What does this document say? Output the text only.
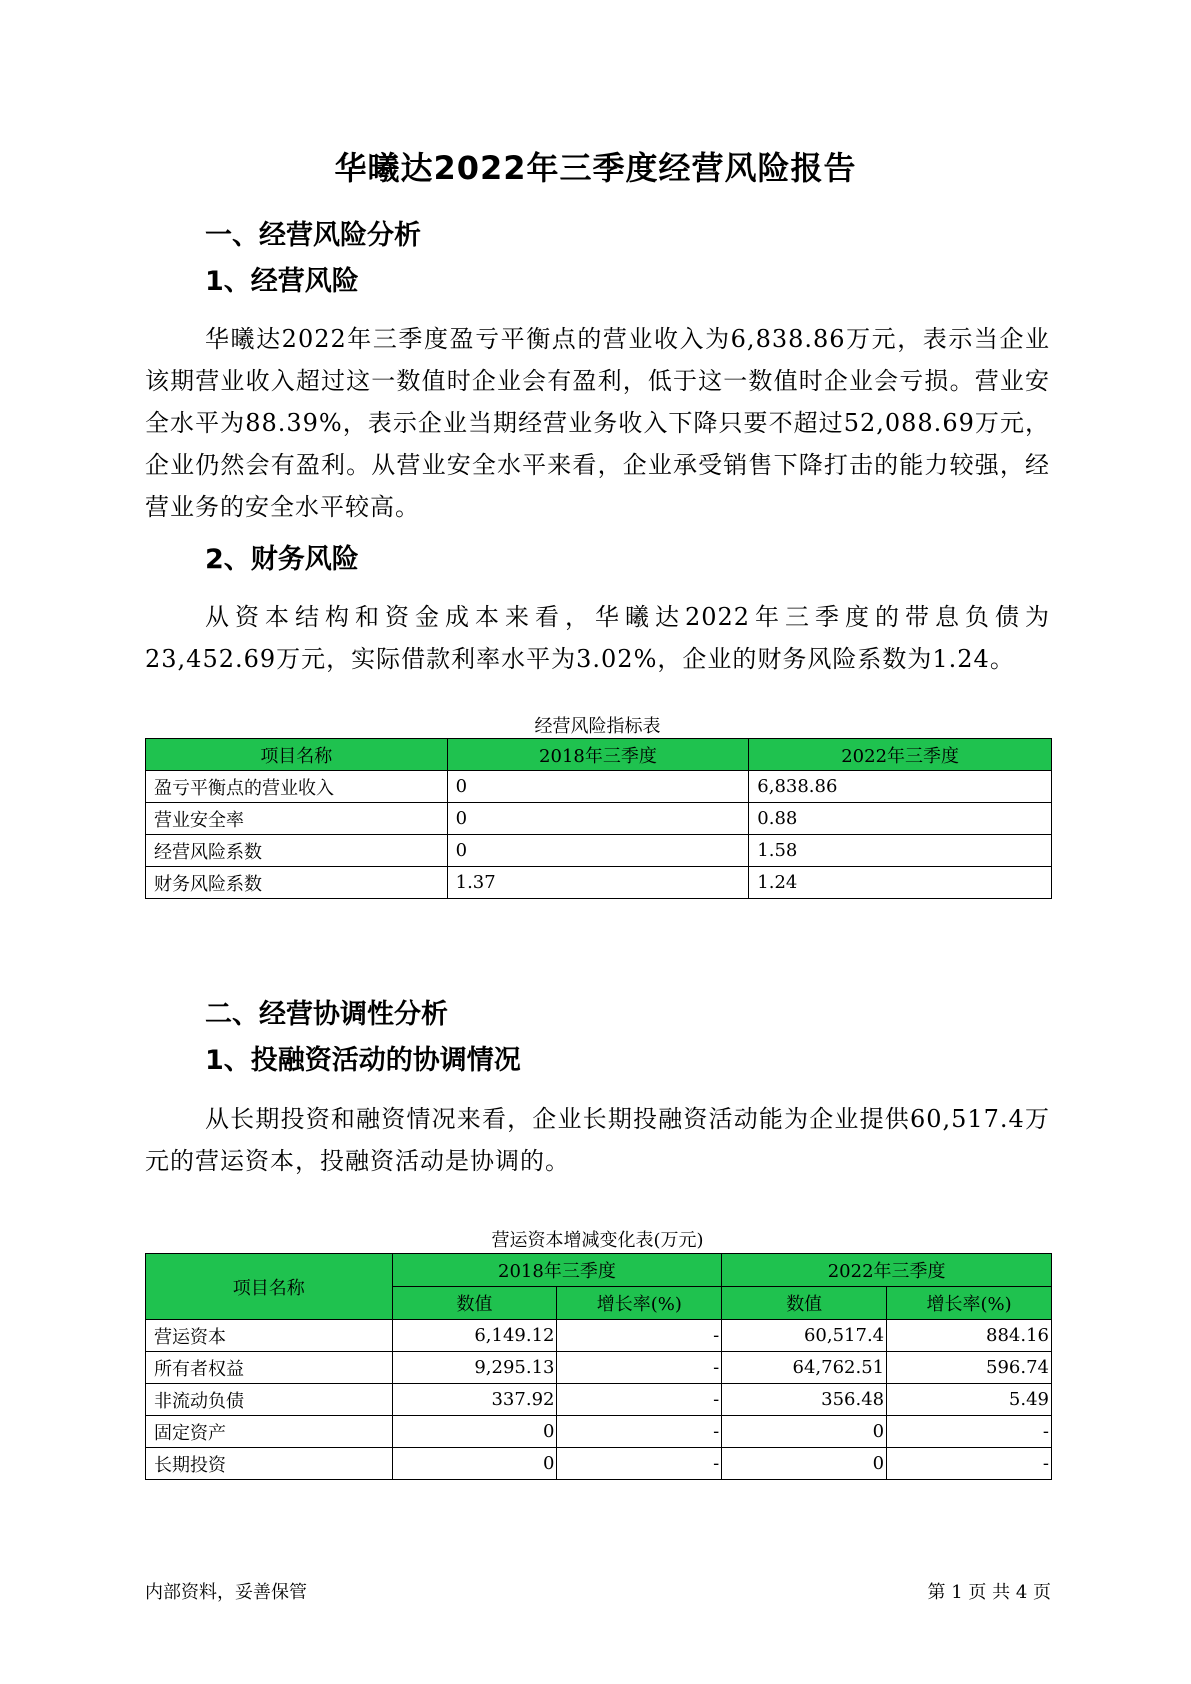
华曦达2022年三季度经营风险报告
一、经营风险分析
1、经营风险
华曦达2022年三季度盈亏平衡点的营业收入为6,838.86万元，表示当企业该期营业收入超过这一数值时企业会有盈利，低于这一数值时企业会亏损。营业安全水平为88.39%，表示企业当期经营业务收入下降只要不超过52,088.69万元，企业仍然会有盈利。从营业安全水平来看，企业承受销售下降打击的能力较强，经营业务的安全水平较高。
2、财务风险
从资本结构和资金成本来看，华曦达2022年三季度的带息负债为23,452.69万元，实际借款利率水平为3.02%，企业的财务风险系数为1.24。
经营风险指标表
项目名称	2018年三季度	2022年三季度
盈亏平衡点的营业收入	0	6,838.86
营业安全率	0	0.88
经营风险系数	0	1.58
财务风险系数	1.37	1.24
二、经营协调性分析
1、投融资活动的协调情况
从长期投资和融资情况来看，企业长期投融资活动能为企业提供60,517.4万元的营运资本，投融资活动是协调的。
营运资本增减变化表(万元)
项目名称	2018年三季度		2022年三季度	
	数值	增长率(%)	数值	增长率(%)
营运资本	6,149.12	-	60,517.4	884.16
所有者权益	9,295.13	-	64,762.51	596.74
非流动负债	337.92	-	356.48	5.49
固定资产	0	-	0	-
长期投资	0	-	0	-
内部资料，妥善保管	第 1 页 共 4 页
